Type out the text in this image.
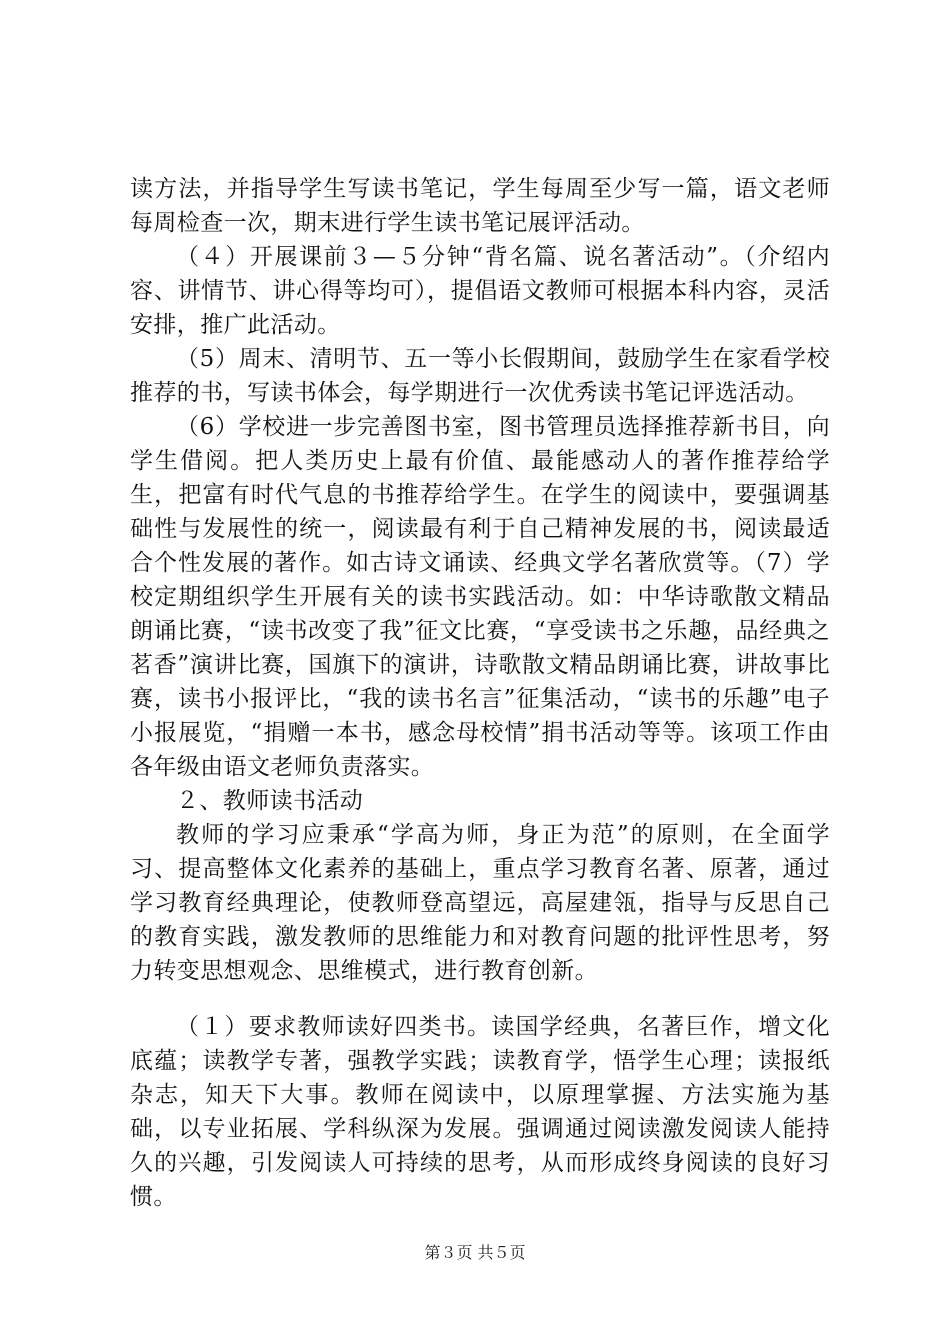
读方法，并指导学生写读书笔记，学生每周至少写一篇，语文老师每周检查一次，期末进行学生读书笔记展评活动。

（４）开展课前３—５分钟“背名篇、说名著活动”。（介绍内容、讲情节、讲心得等均可），提倡语文教师可根据本科内容，灵活安排，推广此活动。

（5）周末、清明节、五一等小长假期间，鼓励学生在家看学校推荐的书，写读书体会，每学期进行一次优秀读书笔记评选活动。

（6）学校进一步完善图书室，图书管理员选择推荐新书目，向学生借阅。把人类历史上最有价值、最能感动人的著作推荐给学生，把富有时代气息的书推荐给学生。在学生的阅读中，要强调基础性与发展性的统一，阅读最有利于自己精神发展的书，阅读最适合个性发展的著作。如古诗文诵读、经典文学名著欣赏等。（7）学校定期组织学生开展有关的读书实践活动。如：中华诗歌散文精品朗诵比赛，“读书改变了我”征文比赛，“享受读书之乐趣，品经典之茗香”演讲比赛，国旗下的演讲，诗歌散文精品朗诵比赛，讲故事比赛，读书小报评比，“我的读书名言”征集活动，“读书的乐趣”电子小报展览，“捐赠一本书，感念母校情”捐书活动等等。该项工作由各年级由语文老师负责落实。

２、教师读书活动

教师的学习应秉承“学高为师，身正为范”的原则，在全面学习、提高整体文化素养的基础上，重点学习教育名著、原著，通过学习教育经典理论，使教师登高望远，高屋建瓴，指导与反思自己的教育实践，激发教师的思维能力和对教育问题的批评性思考，努力转变思想观念、思维模式，进行教育创新。

（１）要求教师读好四类书。读国学经典，名著巨作，增文化底蕴；读教学专著，强教学实践；读教育学，悟学生心理；读报纸杂志，知天下大事。教师在阅读中，以原理掌握、方法实施为基础，以专业拓展、学科纵深为发展。强调通过阅读激发阅读人能持久的兴趣，引发阅读人可持续的思考，从而形成终身阅读的良好习惯。

第３页 共５页
